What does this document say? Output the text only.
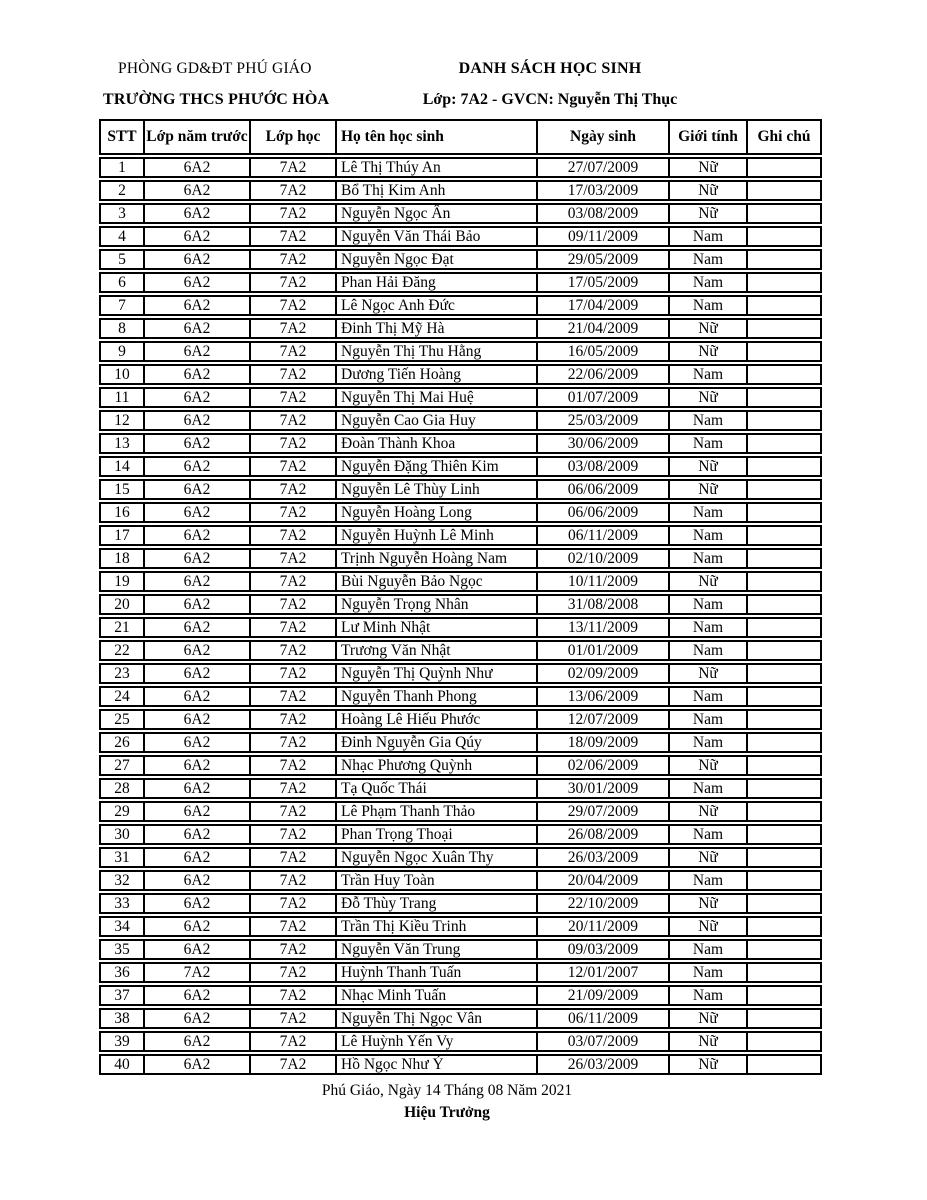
PHÒNG GD&ĐT PHÚ GIÁO	DANH SÁCH HỌC SINH
TRƯỜNG THCS PHƯỚC HÒA	Lớp: 7A2 - GVCN: Nguyễn Thị Thục
STT	Lớp năm trước	Lớp học	Họ tên học sinh	Ngày sinh	Giới tính	Ghi chú
1	6A2	7A2	Lê Thị Thúy An	27/07/2009	Nữ	
2	6A2	7A2	Bổ Thị Kim Anh	17/03/2009	Nữ	
3	6A2	7A2	Nguyễn Ngọc Ân	03/08/2009	Nữ	
4	6A2	7A2	Nguyễn Văn Thái Bảo	09/11/2009	Nam	
5	6A2	7A2	Nguyễn Ngọc Đạt	29/05/2009	Nam	
6	6A2	7A2	Phan Hải Đăng	17/05/2009	Nam	
7	6A2	7A2	Lê Ngọc Anh Đức	17/04/2009	Nam	
8	6A2	7A2	Đinh Thị Mỹ Hà	21/04/2009	Nữ	
9	6A2	7A2	Nguyễn Thị Thu Hằng	16/05/2009	Nữ	
10	6A2	7A2	Dương Tiến Hoàng	22/06/2009	Nam	
11	6A2	7A2	Nguyễn Thị Mai Huệ	01/07/2009	Nữ	
12	6A2	7A2	Nguyễn Cao Gia Huy	25/03/2009	Nam	
13	6A2	7A2	Đoàn Thành Khoa	30/06/2009	Nam	
14	6A2	7A2	Nguyễn Đặng Thiên Kim	03/08/2009	Nữ	
15	6A2	7A2	Nguyễn Lê Thùy Linh	06/06/2009	Nữ	
16	6A2	7A2	Nguyễn Hoàng Long	06/06/2009	Nam	
17	6A2	7A2	Nguyễn Huỳnh Lê Minh	06/11/2009	Nam	
18	6A2	7A2	Trịnh Nguyễn Hoàng Nam	02/10/2009	Nam	
19	6A2	7A2	Bùi Nguyễn Bảo Ngọc	10/11/2009	Nữ	
20	6A2	7A2	Nguyễn Trọng Nhân	31/08/2008	Nam	
21	6A2	7A2	Lư Minh Nhật	13/11/2009	Nam	
22	6A2	7A2	Trương Văn Nhật	01/01/2009	Nam	
23	6A2	7A2	Nguyễn Thị Quỳnh Như	02/09/2009	Nữ	
24	6A2	7A2	Nguyễn Thanh Phong	13/06/2009	Nam	
25	6A2	7A2	Hoàng Lê Hiếu Phước	12/07/2009	Nam	
26	6A2	7A2	Đinh Nguyễn Gia Qúy	18/09/2009	Nam	
27	6A2	7A2	Nhạc Phương Quỳnh	02/06/2009	Nữ	
28	6A2	7A2	Tạ Quốc Thái	30/01/2009	Nam	
29	6A2	7A2	Lê Phạm Thanh Thảo	29/07/2009	Nữ	
30	6A2	7A2	Phan Trọng Thoại	26/08/2009	Nam	
31	6A2	7A2	Nguyễn Ngọc Xuân Thy	26/03/2009	Nữ	
32	6A2	7A2	Trần Huy Toàn	20/04/2009	Nam	
33	6A2	7A2	Đỗ Thùy Trang	22/10/2009	Nữ	
34	6A2	7A2	Trần Thị Kiều Trinh	20/11/2009	Nữ	
35	6A2	7A2	Nguyễn Văn Trung	09/03/2009	Nam	
36	7A2	7A2	Huỳnh Thanh Tuấn	12/01/2007	Nam	
37	6A2	7A2	Nhạc Minh Tuấn	21/09/2009	Nam	
38	6A2	7A2	Nguyễn Thị Ngọc Vân	06/11/2009	Nữ	
39	6A2	7A2	Lê Huỳnh Yến Vy	03/07/2009	Nữ	
40	6A2	7A2	Hồ Ngọc Như Ý	26/03/2009	Nữ	
Phú Giáo, Ngày 14 Tháng 08 Năm 2021
Hiệu Trưởng
